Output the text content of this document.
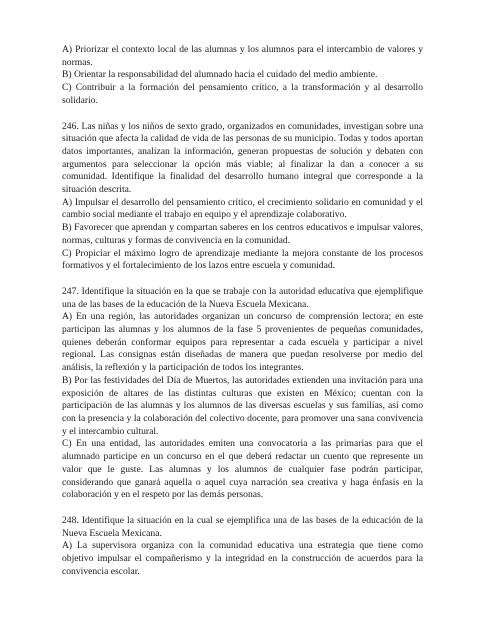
A) Priorizar el contexto local de las alumnas y los alumnos para el intercambio de valores y normas.
B) Orientar la responsabilidad del alumnado hacia el cuidado del medio ambiente.
C) Contribuir a la formación del pensamiento crítico, a la transformación y al desarrollo solidario.
246. Las niñas y los niños de sexto grado, organizados en comunidades, investigan sobre una situación que afecta la calidad de vida de las personas de su municipio. Todas y todos aportan datos importantes, analizan la información, generan propuestas de solución y debaten con argumentos para seleccionar la opción más viable; al finalizar la dan a conocer a su comunidad. Identifique la finalidad del desarrollo humano integral que corresponde a la situación descrita.
A) Impulsar el desarrollo del pensamiento crítico, el crecimiento solidario en comunidad y el cambio social mediante el trabajo en equipo y el aprendizaje colaborativo.
B) Favorecer que aprendan y compartan saberes en los centros educativos e impulsar valores, normas, culturas y formas de convivencia en la comunidad.
C) Propiciar el máximo logro de aprendizaje mediante la mejora constante de los procesos formativos y el fortalecimiento de los lazos entre escuela y comunidad.
247. Identifique la situación en la que se trabaje con la autoridad educativa que ejemplifique una de las bases de la educación de la Nueva Escuela Mexicana.
A) En una región, las autoridades organizan un concurso de comprensión lectora; en este participan las alumnas y los alumnos de la fase 5 provenientes de pequeñas comunidades, quienes deberán conformar equipos para representar a cada escuela y participar a nivel regional. Las consignas están diseñadas de manera que puedan resolverse por medio del análisis, la reflexión y la participación de todos los integrantes.
B) Por las festividades del Día de Muertos, las autoridades extienden una invitación para una exposición de altares de las distintas culturas que existen en México; cuentan con la participación de las alumnas y los alumnos de las diversas escuelas y sus familias, así como con la presencia y la colaboración del colectivo docente, para promover una sana convivencia y el intercambio cultural.
C) En una entidad, las autoridades emiten una convocatoria a las primarias para que el alumnado participe en un concurso en el que deberá redactar un cuento que represente un valor que le guste. Las alumnas y los alumnos de cualquier fase podrán participar, considerando que ganará aquella o aquel cuya narración sea creativa y haga énfasis en la colaboración y en el respeto por las demás personas.
248. Identifique la situación en la cual se ejemplifica una de las bases de la educación de la Nueva Escuela Mexicana.
A) La supervisora organiza con la comunidad educativa una estrategia que tiene como objetivo impulsar el compañerismo y la integridad en la construcción de acuerdos para la convivencia escolar.
